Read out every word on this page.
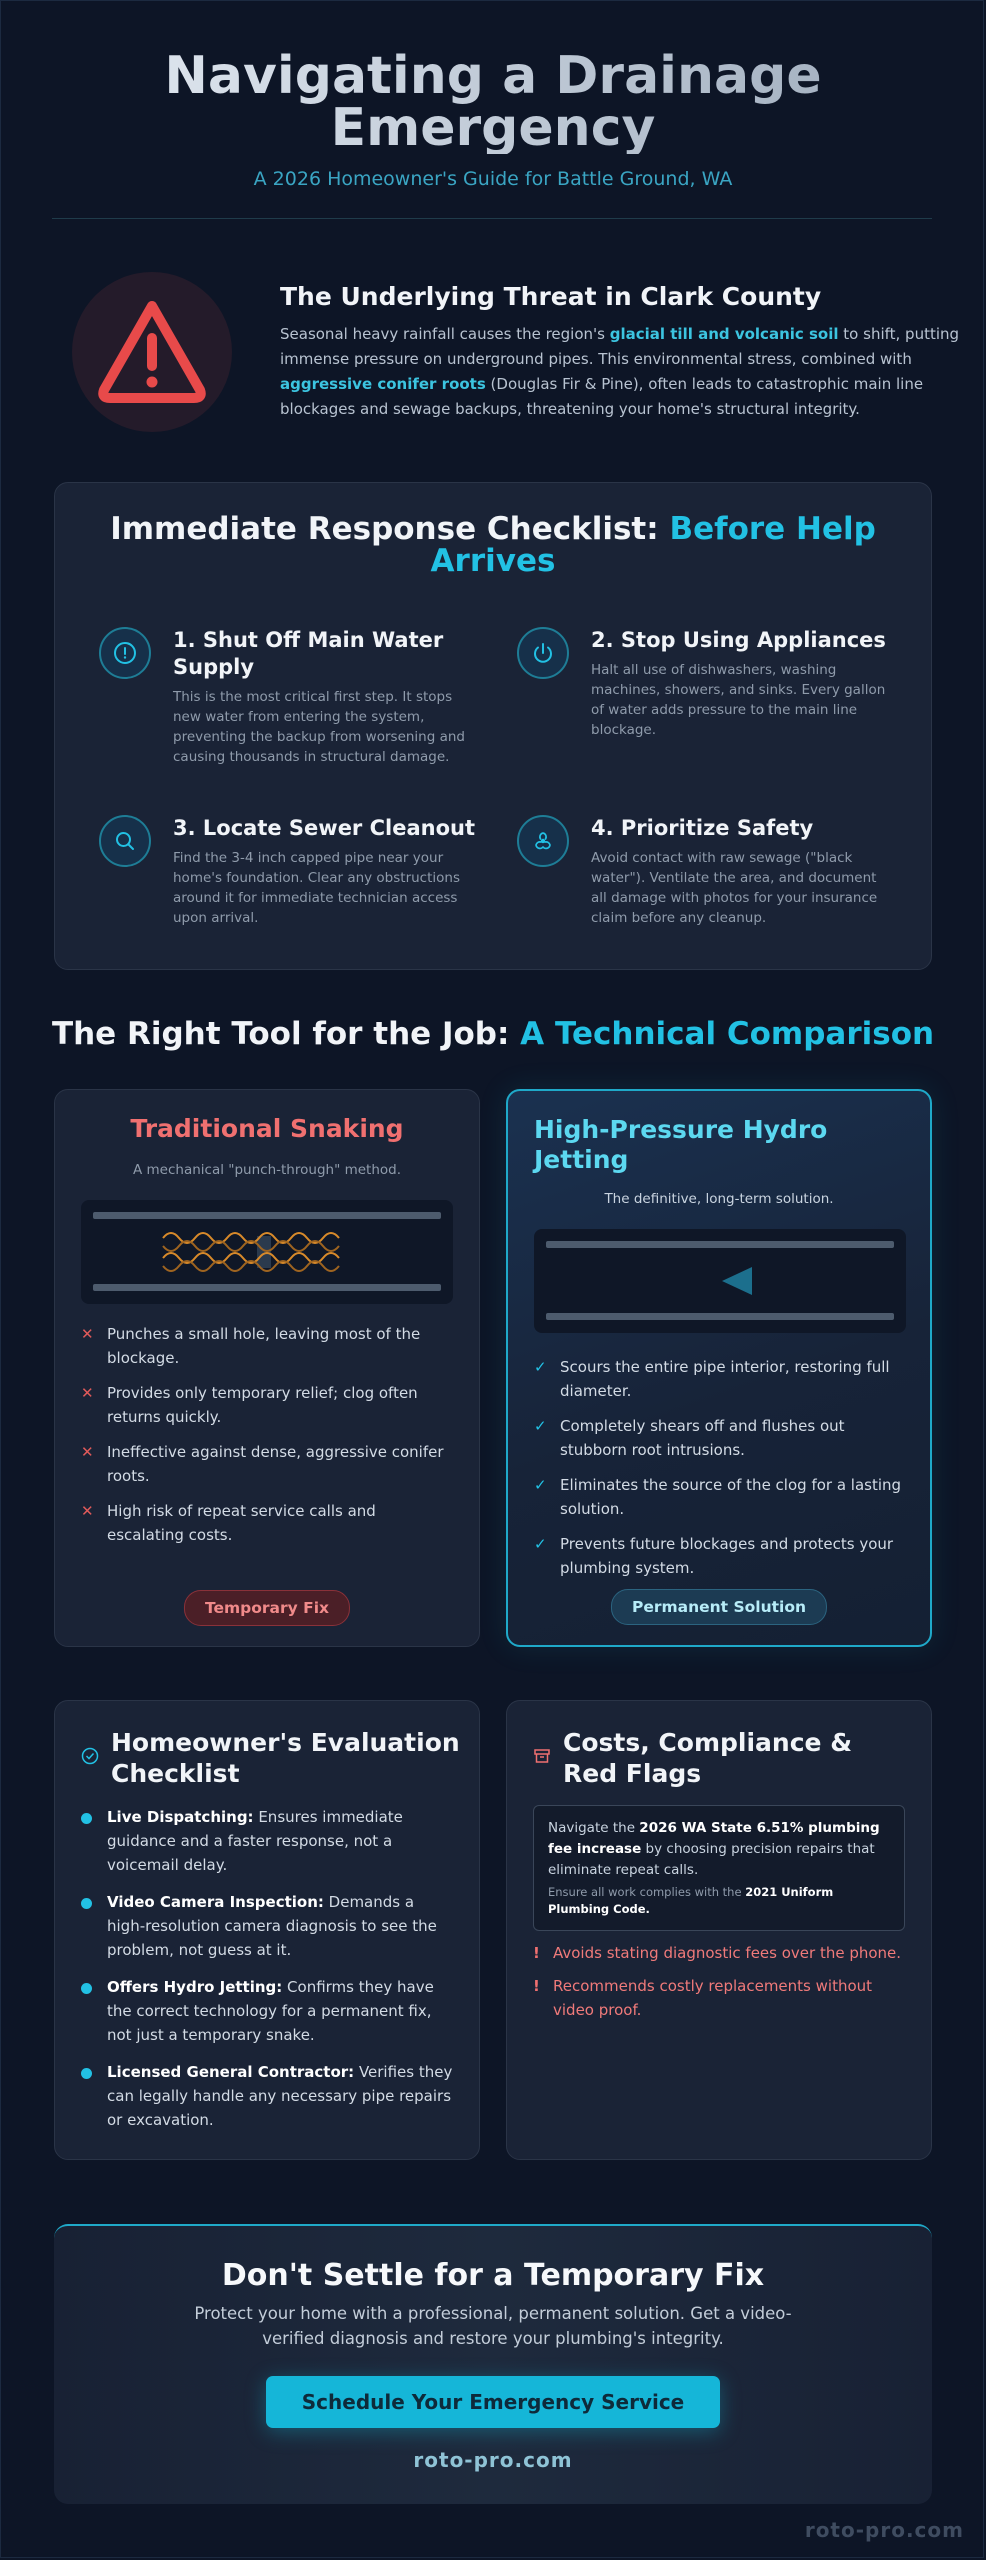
Navigating a Drainage Emergency
A 2026 Homeowner's Guide for Battle Ground, WA
The Underlying Threat in Clark County

Seasonal heavy rainfall causes the region's glacial till and volcanic soil to shift, putting immense pressure on underground pipes. This environmental stress, combined with aggressive conifer roots (Douglas Fir & Pine), often leads to catastrophic main line blockages and sewage backups, threatening your home's structural integrity.

Immediate Response Checklist: Before Help Arrives
1. Shut Off Main Water Supply

This is the most critical first step. It stops new water from entering the system, preventing the backup from worsening and causing thousands in structural damage.

2. Stop Using Appliances

Halt all use of dishwashers, washing machines, showers, and sinks. Every gallon of water adds pressure to the main line blockage.

3. Locate Sewer Cleanout

Find the 3-4 inch capped pipe near your home's foundation. Clear any obstructions around it for immediate technician access upon arrival.

4. Prioritize Safety

Avoid contact with raw sewage ("black water"). Ventilate the area, and document all damage with photos for your insurance claim before any cleanup.

The Right Tool for the Job: A Technical Comparison
Traditional Snaking
A mechanical "punch-through" method.
✕ Punches a small hole, leaving most of the blockage.
✕ Provides only temporary relief; clog often returns quickly.
✕ Ineffective against dense, aggressive conifer roots.
✕ High risk of repeat service calls and escalating costs.
Temporary Fix
High-Pressure Hydro Jetting
The definitive, long-term solution.
✓ Scours the entire pipe interior, restoring full diameter.
✓ Completely shears off and flushes out stubborn root intrusions.
✓ Eliminates the source of the clog for a lasting solution.
✓ Prevents future blockages and protects your plumbing system.
Permanent Solution
Homeowner's Evaluation Checklist
Live Dispatching: Ensures immediate guidance and a faster response, not a voicemail delay.
Video Camera Inspection: Demands a high-resolution camera diagnosis to see the problem, not guess at it.
Offers Hydro Jetting: Confirms they have the correct technology for a permanent fix, not just a temporary snake.
Licensed General Contractor: Verifies they can legally handle any necessary pipe repairs or excavation.
Costs, Compliance & Red Flags
Navigate the 2026 WA State 6.51% plumbing fee increase by choosing precision repairs that eliminate repeat calls.
Ensure all work complies with the 2021 Uniform Plumbing Code.
! Avoids stating diagnostic fees over the phone.
! Recommends costly replacements without video proof.
Don't Settle for a Temporary Fix

Protect your home with a professional, permanent solution. Get a video-verified diagnosis and restore your plumbing's integrity.

Schedule Your Emergency Service
roto-pro.com
roto-pro.com
